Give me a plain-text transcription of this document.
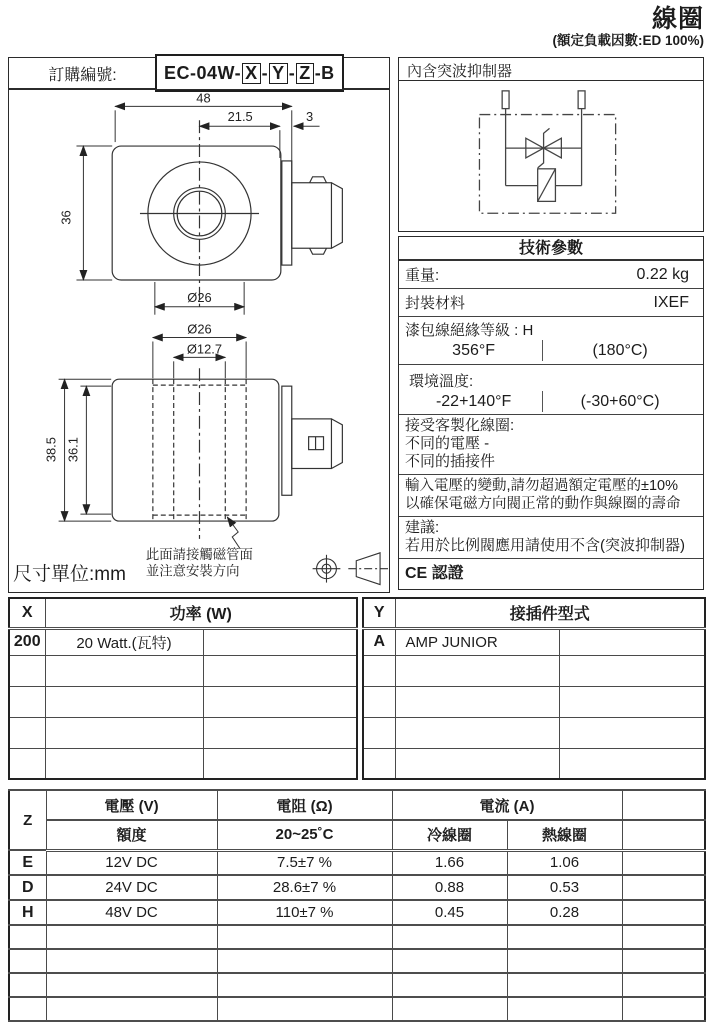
線圈
(額定負載因數:ED 100%)
訂購編號:	EC-04W- X - Y - Z -B
48
21.5	3
36
Ø26
Ø26
Ø12.7
38.5 36.1
此面請接觸磁管面
並注意安裝方向
尺寸單位:mm
內含突波抑制器
技術參數
重量:	0.22 kg
封裝材料	IXEF
漆包線絕緣等級 : H
356°F	(180°C)
環境溫度:
-22+140°F	(-30+60°C)
接受客製化線圈:
不同的電壓 -
不同的插接件
輸入電壓的變動,請勿超過額定電壓的±10%
以確保電磁方向閥正常的動作與線圈的壽命
建議:
若用於比例閥應用請使用不含(突波抑制器)
CE 認證
X	功率 (W)	
200	20 Watt.(瓦特)	

Y	接插件型式	
A	AMP JUNIOR	

Z	電壓 (V)	電阻 (Ω)	電流 (A)		
	額度	20~25˚C	冷線圈	熱線圈	
E	12V DC	7.5±7 %	1.66	1.06	
D	24V DC	28.6±7 %	0.88	0.53	
H	48V DC	110±7 %	0.45	0.28	
